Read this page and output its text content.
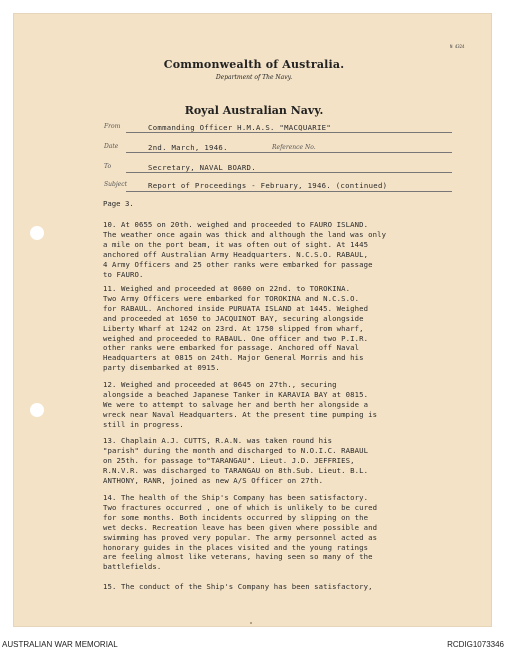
N 4324
Commonwealth of Australia.
Department of The Navy.
Royal Australian Navy.
From	Commanding Officer H.M.A.S. "MACQUARIE"
Date	2nd. March, 1946.	Reference No.
To	Secretary, NAVAL BOARD.
Subject	Report of Proceedings - February, 1946. (continued)
Page 3.
10. At 0655 on 20th. weighed and proceeded to FAURO ISLAND.
The weather once again was thick and although the land was only
a mile on the port beam, it was often out of sight. At 1445
anchored off Australian Army Headquarters. N.C.S.O. RABAUL,
4 Army Officers and 25 other ranks were embarked for passage
to FAURO.
11. Weighed and proceeded at 0600 on 22nd. to TOROKINA.
Two Army Officers were embarked for TOROKINA and N.C.S.O.
for RABAUL. Anchored inside PURUATA ISLAND at 1445. Weighed
and proceeded at 1650 to JACQUINOT BAY, securing alongside
Liberty Wharf at 1242 on 23rd. At 1750 slipped from wharf,
weighed and proceeded to RABAUL. One officer and two P.I.R.
other ranks were embarked for passage. Anchored off Naval
Headquarters at 0815 on 24th. Major General Morris and his
party disembarked at 0915.
12. Weighed and proceeded at 0645 on 27th., securing
alongside a beached Japanese Tanker in KARAVIA BAY at 0815.
We were to attempt to salvage her and berth her alongside a
wreck near Naval Headquarters. At the present time pumping is
still in progress.
13. Chaplain A.J. CUTTS, R.A.N. was taken round his
"parish" during the month and discharged to N.O.I.C. RABAUL
on 25th. for passage to"TARANGAU". Lieut. J.D. JEFFRIES,
R.N.V.R. was discharged to TARANGAU on 8th.Sub. Lieut. B.L.
ANTHONY, RANR, joined as new A/S Officer on 27th.
14. The health of the Ship's Company has been satisfactory.
Two fractures occurred , one of which is unlikely to be cured
for some months. Both incidents occurred by slipping on the
wet decks. Recreation leave has been given where possible and
swimming has proved very popular. The army personnel acted as
honorary guides in the places visited and the young ratings
are feeling almost like veterans, having seen so many of the
battlefields.
15. The conduct of the Ship's Company has been satisfactory,
AUSTRALIAN WAR MEMORIAL	RCDIG1073346
